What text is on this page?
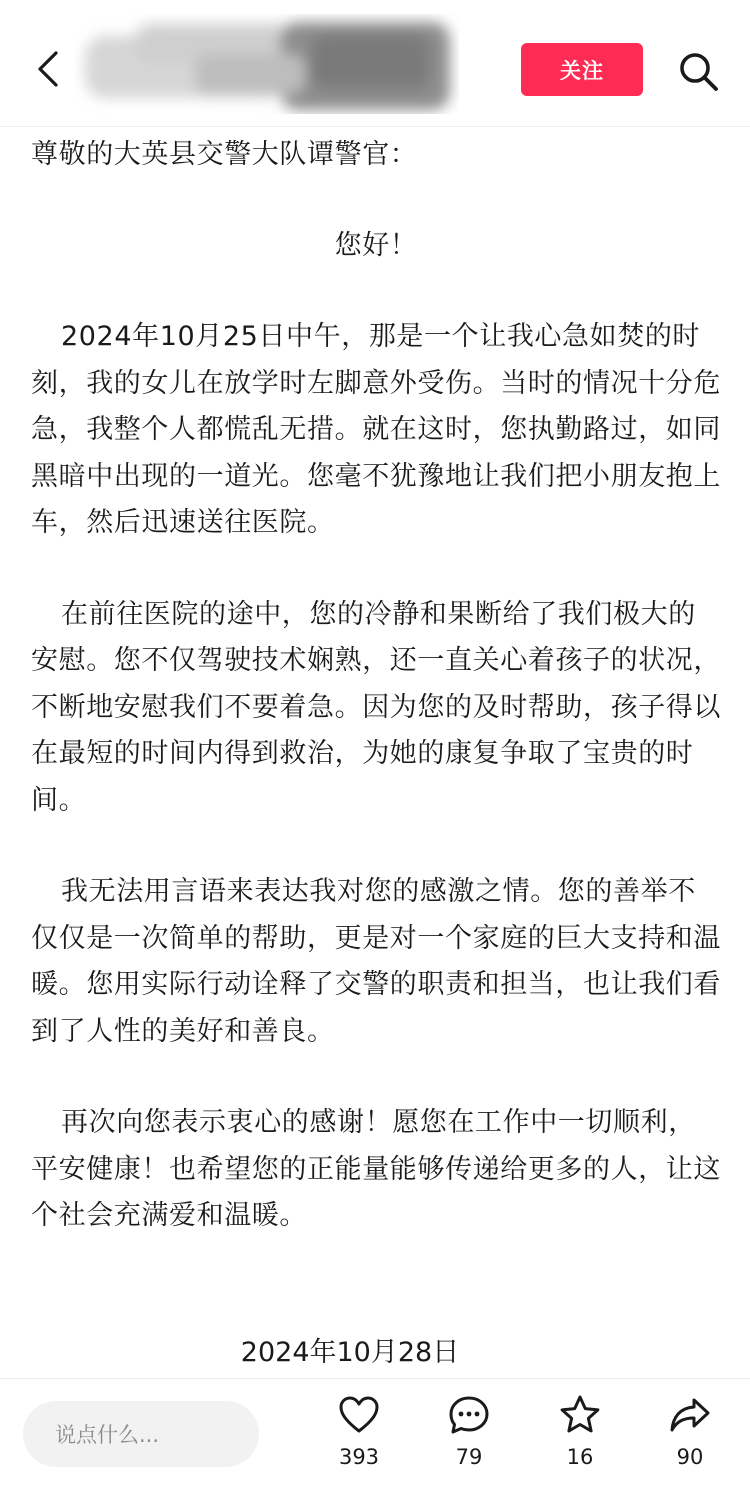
关注

尊敬的大英县交警大队谭警官：

您好！

2024年10月25日中午，那是一个让我心急如焚的时刻，我的女儿在放学时左脚意外受伤。当时的情况十分危急，我整个人都慌乱无措。就在这时，您执勤路过，如同黑暗中出现的一道光。您毫不犹豫地让我们把小朋友抱上车，然后迅速送往医院。

在前往医院的途中，您的冷静和果断给了我们极大的安慰。您不仅驾驶技术娴熟，还一直关心着孩子的状况，不断地安慰我们不要着急。因为您的及时帮助，孩子得以在最短的时间内得到救治，为她的康复争取了宝贵的时间。

我无法用言语来表达我对您的感激之情。您的善举不仅仅是一次简单的帮助，更是对一个家庭的巨大支持和温暖。您用实际行动诠释了交警的职责和担当，也让我们看到了人性的美好和善良。

再次向您表示衷心的感谢！愿您在工作中一切顺利，平安健康！也希望您的正能量能够传递给更多的人，让这个社会充满爱和温暖。

2024年10月28日
说点什么...
393	79	16	90
